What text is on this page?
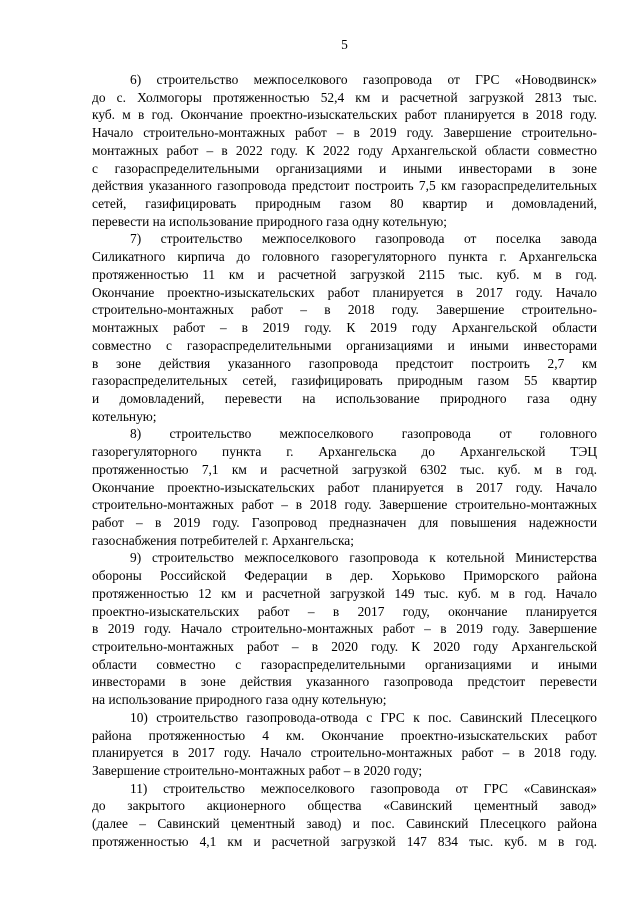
5
6) строительство межпоселкового газопровода от ГРС «Новодвинск»
до с. Холмогоры протяженностью 52,4 км и расчетной загрузкой 2813 тыс.
куб. м в год. Окончание проектно-изыскательских работ планируется в 2018 году.
Начало строительно-монтажных работ – в 2019 году. Завершение строительно-
монтажных работ – в 2022 году. К 2022 году Архангельской области совместно
с газораспределительными организациями и иными инвесторами в зоне
действия указанного газопровода предстоит построить 7,5 км газораспределительных
сетей, газифицировать природным газом 80 квартир и домовладений,
перевести на использование природного газа одну котельную;
7) строительство межпоселкового газопровода от поселка завода
Силикатного кирпича до головного газорегуляторного пункта г. Архангельска
протяженностью 11 км и расчетной загрузкой 2115 тыс. куб. м в год.
Окончание проектно-изыскательских работ планируется в 2017 году. Начало
строительно-монтажных работ – в 2018 году. Завершение строительно-
монтажных работ – в 2019 году. К 2019 году Архангельской области
совместно с газораспределительными организациями и иными инвесторами
в зоне действия указанного газопровода предстоит построить 2,7 км
газораспределительных сетей, газифицировать природным газом 55 квартир
и домовладений, перевести на использование природного газа одну
котельную;
8) строительство межпоселкового газопровода от головного
газорегуляторного пункта г. Архангельска до Архангельской ТЭЦ
протяженностью 7,1 км и расчетной загрузкой 6302 тыс. куб. м в год.
Окончание проектно-изыскательских работ планируется в 2017 году. Начало
строительно-монтажных работ – в 2018 году. Завершение строительно-монтажных
работ – в 2019 году. Газопровод предназначен для повышения надежности
газоснабжения потребителей г. Архангельска;
9) строительство межпоселкового газопровода к котельной Министерства
обороны Российской Федерации в дер. Хорьково Приморского района
протяженностью 12 км и расчетной загрузкой 149 тыс. куб. м в год. Начало
проектно-изыскательских работ – в 2017 году, окончание планируется
в 2019 году. Начало строительно-монтажных работ – в 2019 году. Завершение
строительно-монтажных работ – в 2020 году. К 2020 году Архангельской
области совместно с газораспределительными организациями и иными
инвесторами в зоне действия указанного газопровода предстоит перевести
на использование природного газа одну котельную;
10) строительство газопровода-отвода с ГРС к пос. Савинский Плесецкого
района протяженностью 4 км. Окончание проектно-изыскательских работ
планируется в 2017 году. Начало строительно-монтажных работ – в 2018 году.
Завершение строительно-монтажных работ – в 2020 году;
11) строительство межпоселкового газопровода от ГРС «Савинская»
до закрытого акционерного общества «Савинский цементный завод»
(далее – Савинский цементный завод) и пос. Савинский Плесецкого района
протяженностью 4,1 км и расчетной загрузкой 147 834 тыс. куб. м в год.
